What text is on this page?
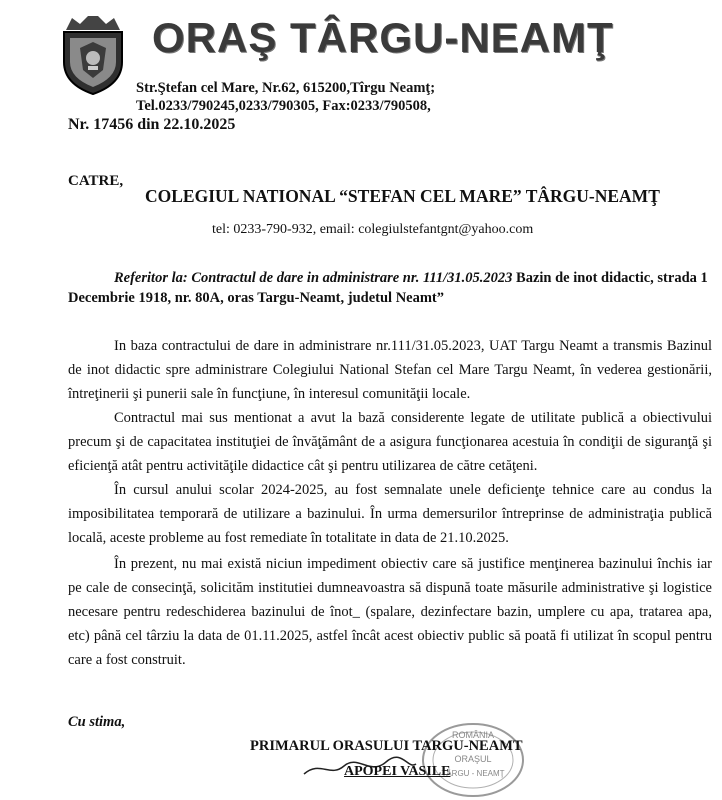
ORAŞ TÂRGU-NEAMŢ
Str.Ştefan cel Mare, Nr.62, 615200,Tîrgu Neamţ;
Tel.0233/790245,0233/790305, Fax:0233/790508,
Nr. 17456 din 22.10.2025
CATRE,
COLEGIUL NATIONAL “STEFAN CEL MARE” TÂRGU-NEAMŢ
tel: 0233-790-932, email: colegiulstefantgnt@yahoo.com
Referitor la: Contractul de dare in administrare nr. 111/31.05.2023 Bazin de inot didactic, strada 1 Decembrie 1918, nr. 80A, oras Targu-Neamt, judetul Neamt”
In baza contractului de dare in administrare nr.111/31.05.2023, UAT Targu Neamt a transmis Bazinul de inot didactic spre administrare Colegiului National Stefan cel Mare Targu Neamt, în vederea gestionării, întreţinerii şi punerii sale în funcţiune, în interesul comunităţii locale.
Contractul mai sus mentionat a avut la bază considerente legate de utilitate publică a obiectivului precum şi de capacitatea instituţiei de învăţământ de a asigura funcţionarea acestuia în condiţii de siguranţă şi eficienţă atât pentru activităţile didactice cât şi pentru utilizarea de către cetăţeni.
În cursul anului scolar 2024-2025, au fost semnalate unele deficienţe tehnice care au condus la imposibilitatea temporară de utilizare a bazinului. În urma demersurilor întreprinse de administraţia publică locală, aceste probleme au fost remediate în totalitate in data de 21.10.2025.
În prezent, nu mai există niciun impediment obiectiv care să justifice menţinerea bazinului închis iar pe cale de consecinţă, solicităm institutiei dumneavoastra să dispună toate măsurile administrative şi logistice necesare pentru redeschiderea bazinului de înot_ (spalare, dezinfectare bazin, umplere cu apa, tratarea apa, etc) până cel târziu la data de 01.11.2025, astfel încât acest obiectiv public să poată fi utilizat în scopul pentru care a fost construit.
Cu stima,
ROMÂNIA
ORAŞUL
TÂRGU - NEAMŢ
PRIMARUL ORASULUI TARGU-NEAMT
APOPEI VASILE
